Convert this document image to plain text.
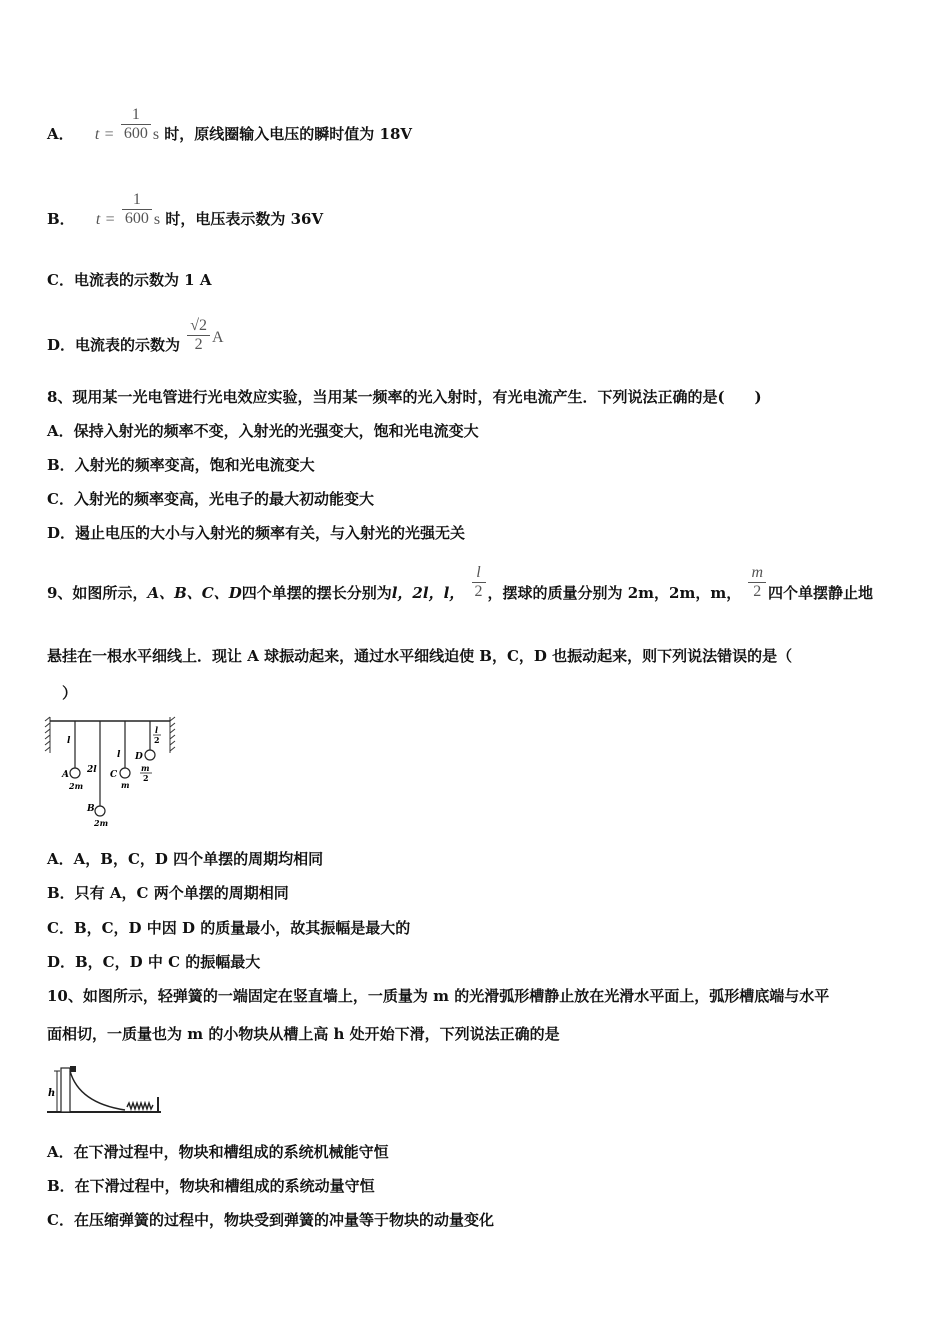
A． $t = \frac{1}{600}$ s 时，原线圈输入电压的瞬时值为 18V
B． $t = \frac{1}{600}$ s 时，电压表示数为 36V
C．电流表的示数为 1 A
D．电流表的示数为 $\frac{√2}{2}$ A
8、现用某一光电管进行光电效应实验，当用某一频率的光入射时，有光电流产生．下列说法正确的是(　　)
A．保持入射光的频率不变，入射光的光强变大，饱和光电流变大
B．入射光的频率变高，饱和光电流变大
C．入射光的频率变高，光电子的最大初动能变大
D．遏止电压的大小与入射光的频率有关，与入射光的光强无关
9、如图所示，A、B、C、D四个单摆的摆长分别为l，2l，l， $\frac{l}{2}$ ，摆球的质量分别为 2m，2m，m， $\frac{m}{2}$ 四个单摆静止地
悬挂在一根水平细线上．现让 A 球振动起来，通过水平细线迫使 B，C，D 也振动起来，则下列说法错误的是（
　）
l
A
2m
2l
B
2m
l
C
m
l
2
D
m
2
A．A，B，C，D 四个单摆的周期均相同
B．只有 A，C 两个单摆的周期相同
C．B，C，D 中因 D 的质量最小，故其振幅是最大的
D．B，C，D 中 C 的振幅最大
10、如图所示，轻弹簧的一端固定在竖直墙上，一质量为 m 的光滑弧形槽静止放在光滑水平面上，弧形槽底端与水平
面相切，一质量也为 m 的小物块从槽上高 h 处开始下滑，下列说法正确的是
h
A．在下滑过程中，物块和槽组成的系统机械能守恒
B．在下滑过程中，物块和槽组成的系统动量守恒
C．在压缩弹簧的过程中，物块受到弹簧的冲量等于物块的动量变化
